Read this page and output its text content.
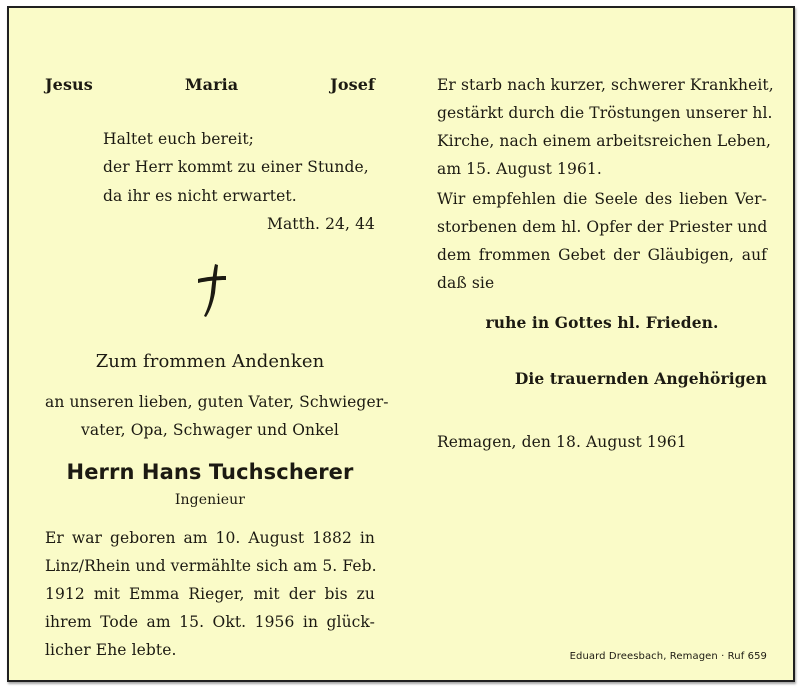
Jesus	Maria	Josef
Haltet euch bereit;
der Herr kommt zu einer Stunde,
da ihr es nicht erwartet.
Matth. 24, 44
Zum frommen Andenken
an unseren lieben, guten Vater, Schwieger-
vater, Opa, Schwager und Onkel
Herrn Hans Tuchscherer
Ingenieur
Er war geboren am 10. August 1882 in
Linz/Rhein und vermählte sich am 5. Feb.
1912 mit Emma Rieger, mit der bis zu
ihrem Tode am 15. Okt. 1956 in glück-
licher Ehe lebte.
Er starb nach kurzer, schwerer Krankheit,
gestärkt durch die Tröstungen unserer hl.
Kirche, nach einem arbeitsreichen Leben,
am 15. August 1961.
Wir empfehlen die Seele des lieben Ver-
storbenen dem hl. Opfer der Priester und
dem frommen Gebet der Gläubigen, auf
daß sie
ruhe in Gottes hl. Frieden.
Die trauernden Angehörigen
Remagen, den 18. August 1961
Eduard Dreesbach, Remagen · Ruf 659
